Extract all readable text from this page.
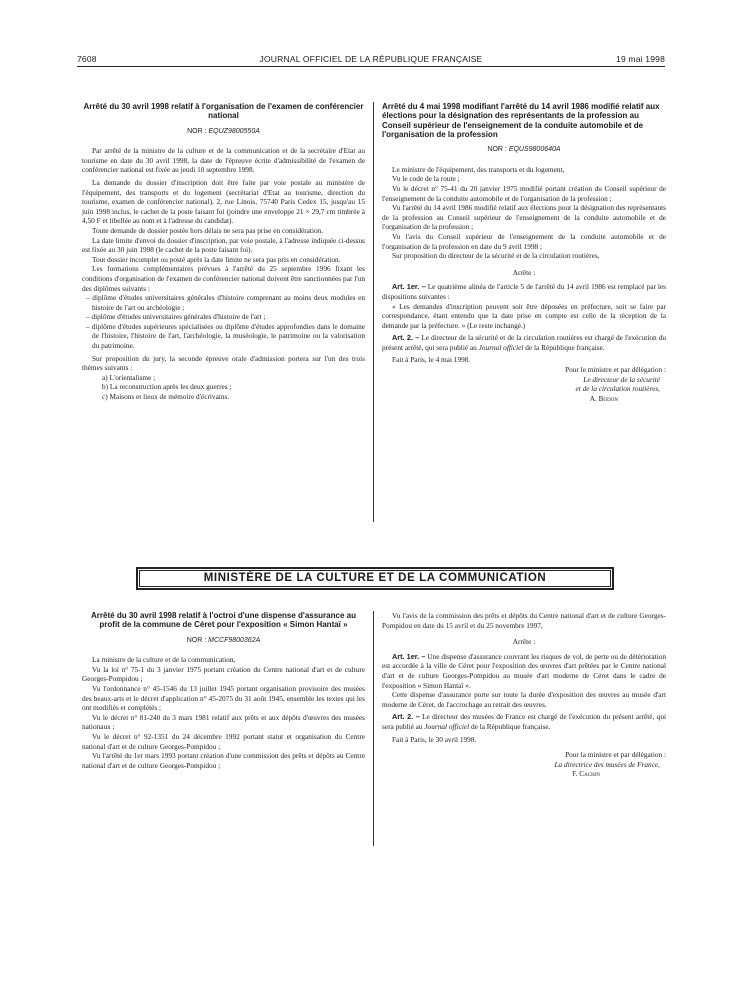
7608	JOURNAL OFFICIEL DE LA RÉPUBLIQUE FRANÇAISE	19 mai 1998
Arrêté du 30 avril 1998 relatif à l'organisation de l'examen de conférencier national
NOR : EQUZ9800550A

Par arrêté de la ministre de la culture et de la communication et de la secrétaire d'Etat au tourisme en date du 30 avril 1998, la date de l'épreuve écrite d'admissibilité de l'examen de conférencier national est fixée au jeudi 10 septembre 1998.

La demande du dossier d'inscription doit être faite par voie postale au ministère de l'équipement, des transports et du logement (secrétariat d'Etat au tourisme, direction du tourisme, examen de conférencier national), 2, rue Linois, 75740 Paris Cedex 15, jusqu'au 15 juin 1998 inclus, le cachet de la poste faisant foi (joindre une enveloppe 21 × 29,7 cm timbrée à 4,50 F et libellée au nom et à l'adresse du candidat).

Toute demande de dossier postée hors délais ne sera pas prise en considération.

La date limite d'envoi du dossier d'inscription, par voie postale, à l'adresse indiquée ci-dessus est fixée au 30 juin 1998 (le cachet de la poste faisant foi).

Tout dossier incomplet ou posté après la date limite ne sera pas pris en considération.

Les formations complémentaires prévues à l'arrêté du 25 septembre 1996 fixant les conditions d'organisation de l'examen de conférencier national doivent être sanctionnées par l'un des diplômes suivants :

– diplôme d'études universitaires générales d'histoire comprenant au moins deux modules en histoire de l'art ou archéologie ;

– diplôme d'études universitaires générales d'histoire de l'art ;

– diplôme d'études supérieures spécialisées ou diplôme d'études approfondies dans le domaine de l'histoire, l'histoire de l'art, l'archéologie, la muséologie, le patrimoine ou la valorisation du patrimoine.

Sur proposition du jury, la seconde épreuve orale d'admission portera sur l'un des trois thèmes suivants :

a) L'orientalisme ;

b) La reconstruction après les deux guerres ;

c) Maisons et lieux de mémoire d'écrivains.

Arrêté du 4 mai 1998 modifiant l'arrêté du 14 avril 1986 modifié relatif aux élections pour la désignation des représentants de la profession au Conseil supérieur de l'enseignement de la conduite automobile et de l'organisation de la profession
NOR : EQUS9800640A

Le ministre de l'équipement, des transports et du logement,

Vu le code de la route ;

Vu le décret n° 75-41 du 20 janvier 1975 modifié portant création du Conseil supérieur de l'enseignement de la conduite automobile et de l'organisation de la profession ;

Vu l'arrêté du 14 avril 1986 modifié relatif aux élections pour la désignation des représentants de la profession au Conseil supérieur de l'enseignement de la conduite automobile et de l'organisation de la profession ;

Vu l'avis du Conseil supérieur de l'enseignement de la conduite automobile et de l'organisation de la profession en date du 9 avril 1998 ;

Sur proposition du directeur de la sécurité et de la circulation routières,

Arrête :

Art. 1er. – Le quatrième alinéa de l'article 5 de l'arrêté du 14 avril 1986 est remplacé par les dispositions suivantes :

« Les demandes d'inscription peuvent soit être déposées en préfecture, soit se faire par correspondance, étant entendu que la date prise en compte est celle de la réception de la demande par la préfecture. » (Le reste inchangé.)

Art. 2. – Le directeur de la sécurité et de la circulation routières est chargé de l'exécution du présent arrêté, qui sera publié au Journal officiel de la République française.

Fait à Paris, le 4 mai 1998.

Pour le ministre et par délégation :

Le directeur de la sécurité

et de la circulation routières,

A. Bodon

MINISTÈRE DE LA CULTURE ET DE LA COMMUNICATION
Arrêté du 30 avril 1998 relatif à l'octroi d'une dispense d'assurance au profit de la commune de Céret pour l'exposition « Simon Hantaï »
NOR : MCCF9800362A

La ministre de la culture et de la communication,

Vu la loi n° 75-1 du 3 janvier 1975 portant création du Centre national d'art et de culture Georges-Pompidou ;

Vu l'ordonnance n° 45-1546 du 13 juillet 1945 portant organisation provisoire des musées des beaux-arts et le décret d'application n° 45-2075 du 31 août 1945, ensemble les textes qui les ont modifiés et complétés ;

Vu le décret n° 81-240 du 3 mars 1981 relatif aux prêts et aux dépôts d'œuvres des musées nationaux ;

Vu le décret n° 92-1351 du 24 décembre 1992 portant statut et organisation du Centre national d'art et de culture Georges-Pompidou ;

Vu l'arrêté du 1er mars 1993 portant création d'une commission des prêts et dépôts au Centre national d'art et de culture Georges-Pompidou ;

Vu l'avis de la commission des prêts et dépôts du Centre national d'art et de culture Georges-Pompidou en date du 15 avril et du 25 novembre 1997,

Arrête :

Art. 1er. – Une dispense d'assurance couvrant les risques de vol, de perte ou de détérioration est accordée à la ville de Céret pour l'exposition des œuvres d'art prêtées par le Centre national d'art et de culture Georges-Pompidou au musée d'art moderne de Céret dans le cadre de l'exposition « Simon Hantaï ».

Cette dispense d'assurance porte sur toute la durée d'exposition des œuvres au musée d'art moderne de Céret, de l'accrochage au retrait des œuvres.

Art. 2. – Le directeur des musées de France est chargé de l'exécution du présent arrêté, qui sera publié au Journal officiel de la République française.

Fait à Paris, le 30 avril 1998.

Pour la ministre et par délégation :

La directrice des musées de France,

F. Cachin
